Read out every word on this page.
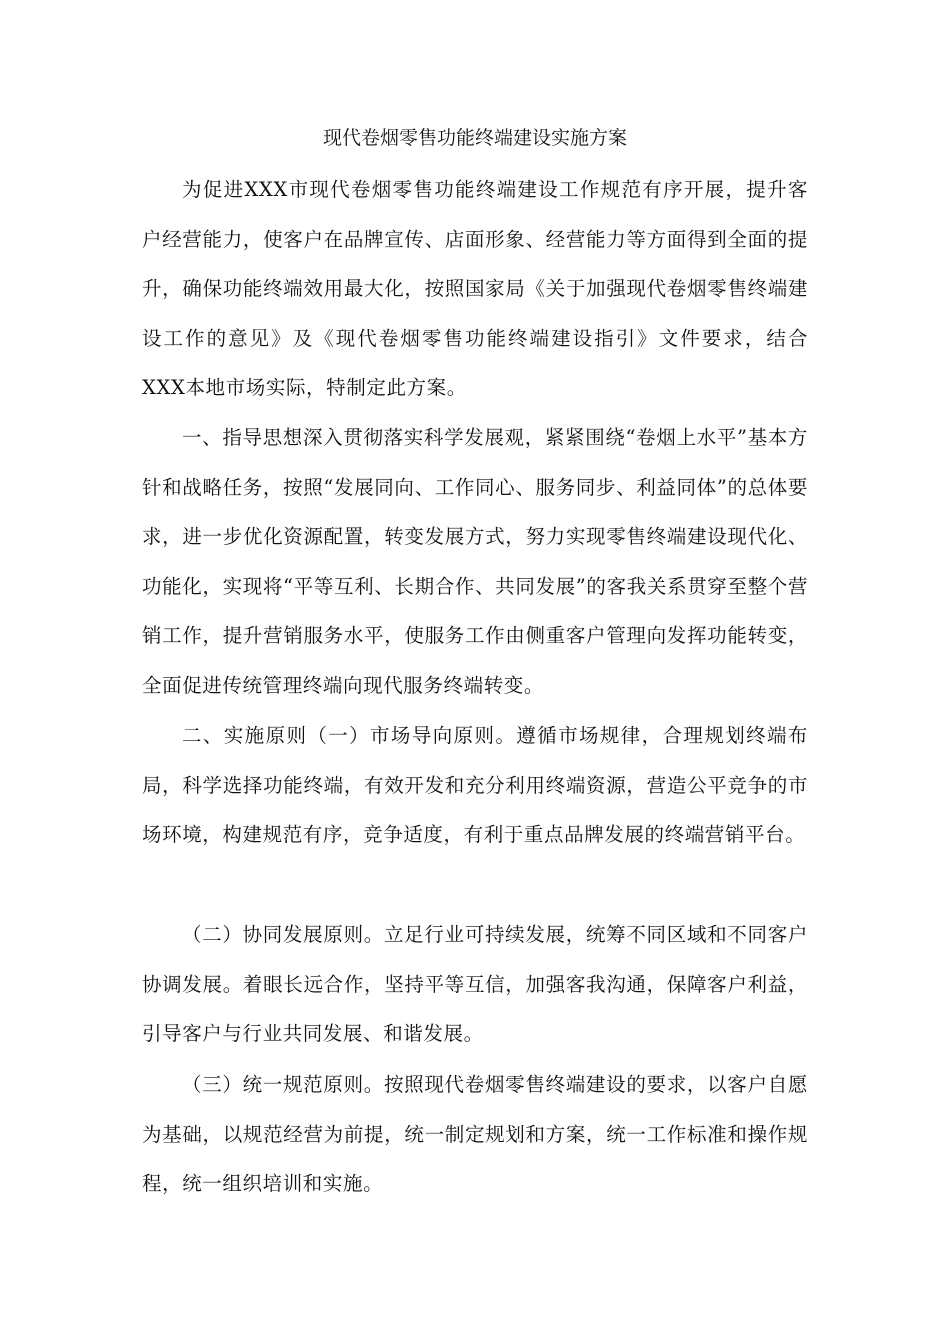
现代卷烟零售功能终端建设实施方案

为促进XXX市现代卷烟零售功能终端建设工作规范有序开展，提升客户经营能力，使客户在品牌宣传、店面形象、经营能力等方面得到全面的提升，确保功能终端效用最大化，按照国家局《关于加强现代卷烟零售终端建设工作的意见》及《现代卷烟零售功能终端建设指引》文件要求，结合XXX本地市场实际，特制定此方案。

一、指导思想深入贯彻落实科学发展观，紧紧围绕“卷烟上水平”基本方针和战略任务，按照“发展同向、工作同心、服务同步、利益同体”的总体要求，进一步优化资源配置，转变发展方式，努力实现零售终端建设现代化、功能化，实现将“平等互利、长期合作、共同发展”的客我关系贯穿至整个营销工作，提升营销服务水平，使服务工作由侧重客户管理向发挥功能转变，全面促进传统管理终端向现代服务终端转变。

二、实施原则（一）市场导向原则。遵循市场规律，合理规划终端布局，科学选择功能终端，有效开发和充分利用终端资源，营造公平竞争的市场环境，构建规范有序，竞争适度，有利于重点品牌发展的终端营销平台。

（二）协同发展原则。立足行业可持续发展，统筹不同区域和不同客户协调发展。着眼长远合作，坚持平等互信，加强客我沟通，保障客户利益，引导客户与行业共同发展、和谐发展。

（三）统一规范原则。按照现代卷烟零售终端建设的要求，以客户自愿为基础，以规范经营为前提，统一制定规划和方案，统一工作标准和操作规程，统一组织培训和实施。
